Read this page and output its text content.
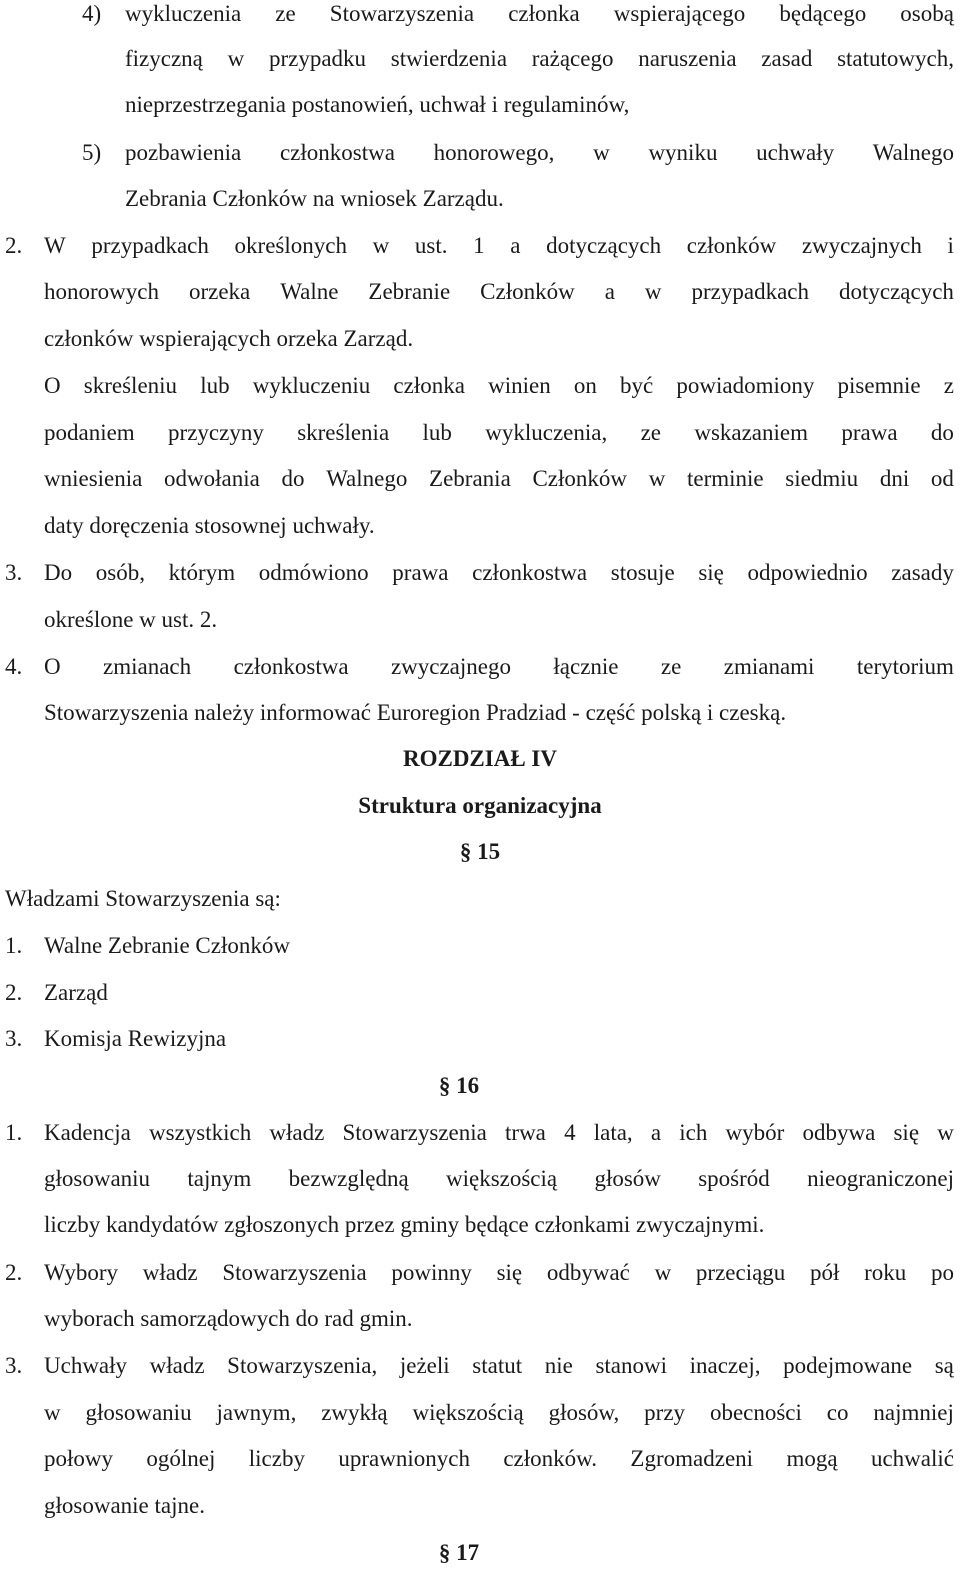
4) wykluczenia ze Stowarzyszenia członka wspierającego będącego osobą
fizyczną w przypadku stwierdzenia rażącego naruszenia zasad statutowych,
nieprzestrzegania postanowień, uchwał i regulaminów,
5) pozbawienia członkostwa honorowego, w wyniku uchwały Walnego
Zebrania Członków na wniosek Zarządu.
2. W przypadkach określonych w ust. 1 a dotyczących członków zwyczajnych i
honorowych orzeka Walne Zebranie Członków a w przypadkach dotyczących
członków wspierających orzeka Zarząd.
O skreśleniu lub wykluczeniu członka winien on być powiadomiony pisemnie z
podaniem przyczyny skreślenia lub wykluczenia, ze wskazaniem prawa do
wniesienia odwołania do Walnego Zebrania Członków w terminie siedmiu dni od
daty doręczenia stosownej uchwały.
3. Do osób, którym odmówiono prawa członkostwa stosuje się odpowiednio zasady
określone w ust. 2.
4. O zmianach członkostwa zwyczajnego łącznie ze zmianami terytorium
Stowarzyszenia należy informować Euroregion Pradziad - część polską i czeską.
ROZDZIAŁ IV
Struktura organizacyjna
§ 15
Władzami Stowarzyszenia są:
1. Walne Zebranie Członków
2. Zarząd
3. Komisja Rewizyjna
§ 16
1. Kadencja wszystkich władz Stowarzyszenia trwa 4 lata, a ich wybór odbywa się w
głosowaniu tajnym bezwzględną większością głosów spośród nieograniczonej
liczby kandydatów zgłoszonych przez gminy będące członkami zwyczajnymi.
2. Wybory władz Stowarzyszenia powinny się odbywać w przeciągu pół roku po
wyborach samorządowych do rad gmin.
3. Uchwały władz Stowarzyszenia, jeżeli statut nie stanowi inaczej, podejmowane są
w głosowaniu jawnym, zwykłą większością głosów, przy obecności co najmniej
połowy ogólnej liczby uprawnionych członków. Zgromadzeni mogą uchwalić
głosowanie tajne.
§ 17
